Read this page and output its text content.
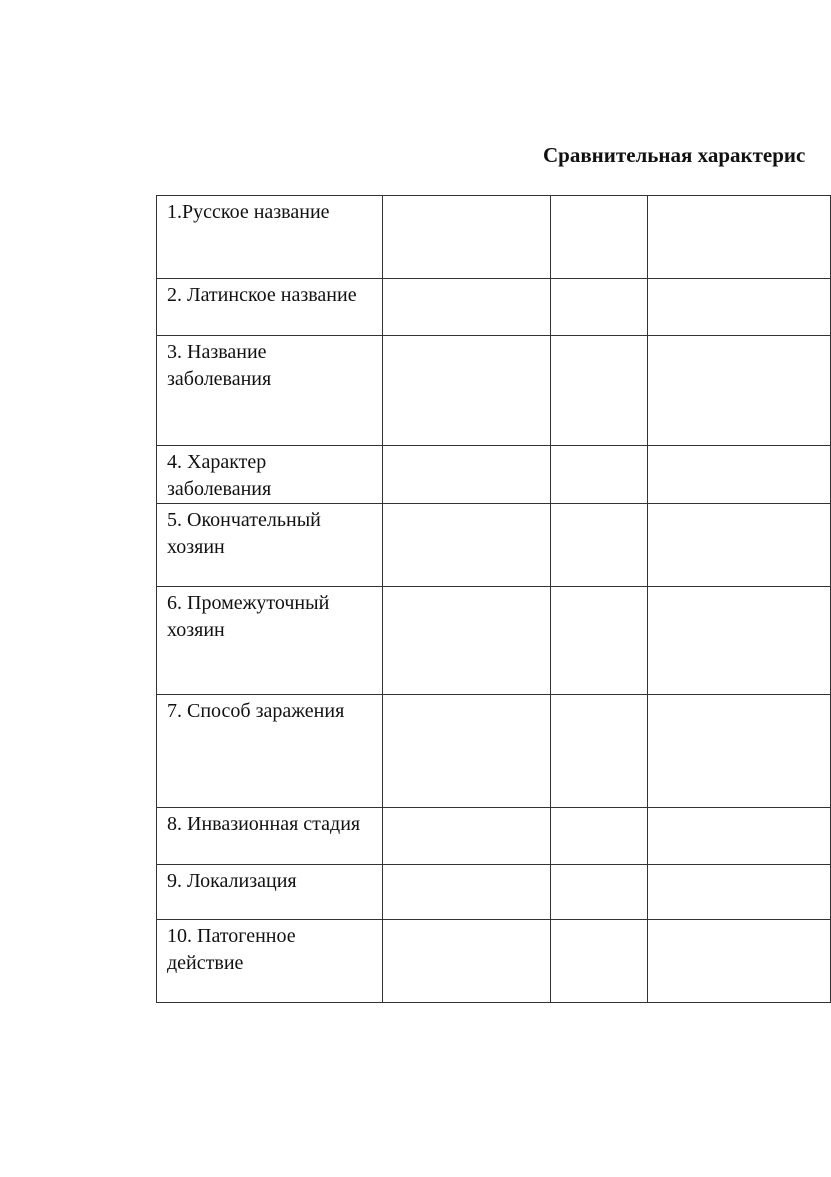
Сравнительная характерис
1.Русское название			

2. Латинское название			

3. Название заболевания			

4. Характер заболевания			

5. Окончательный хозяин			

6. Промежуточный хозяин			

7. Способ заражения			

8. Инвазионная стадия			

9. Локализация			

10. Патогенное действие			
